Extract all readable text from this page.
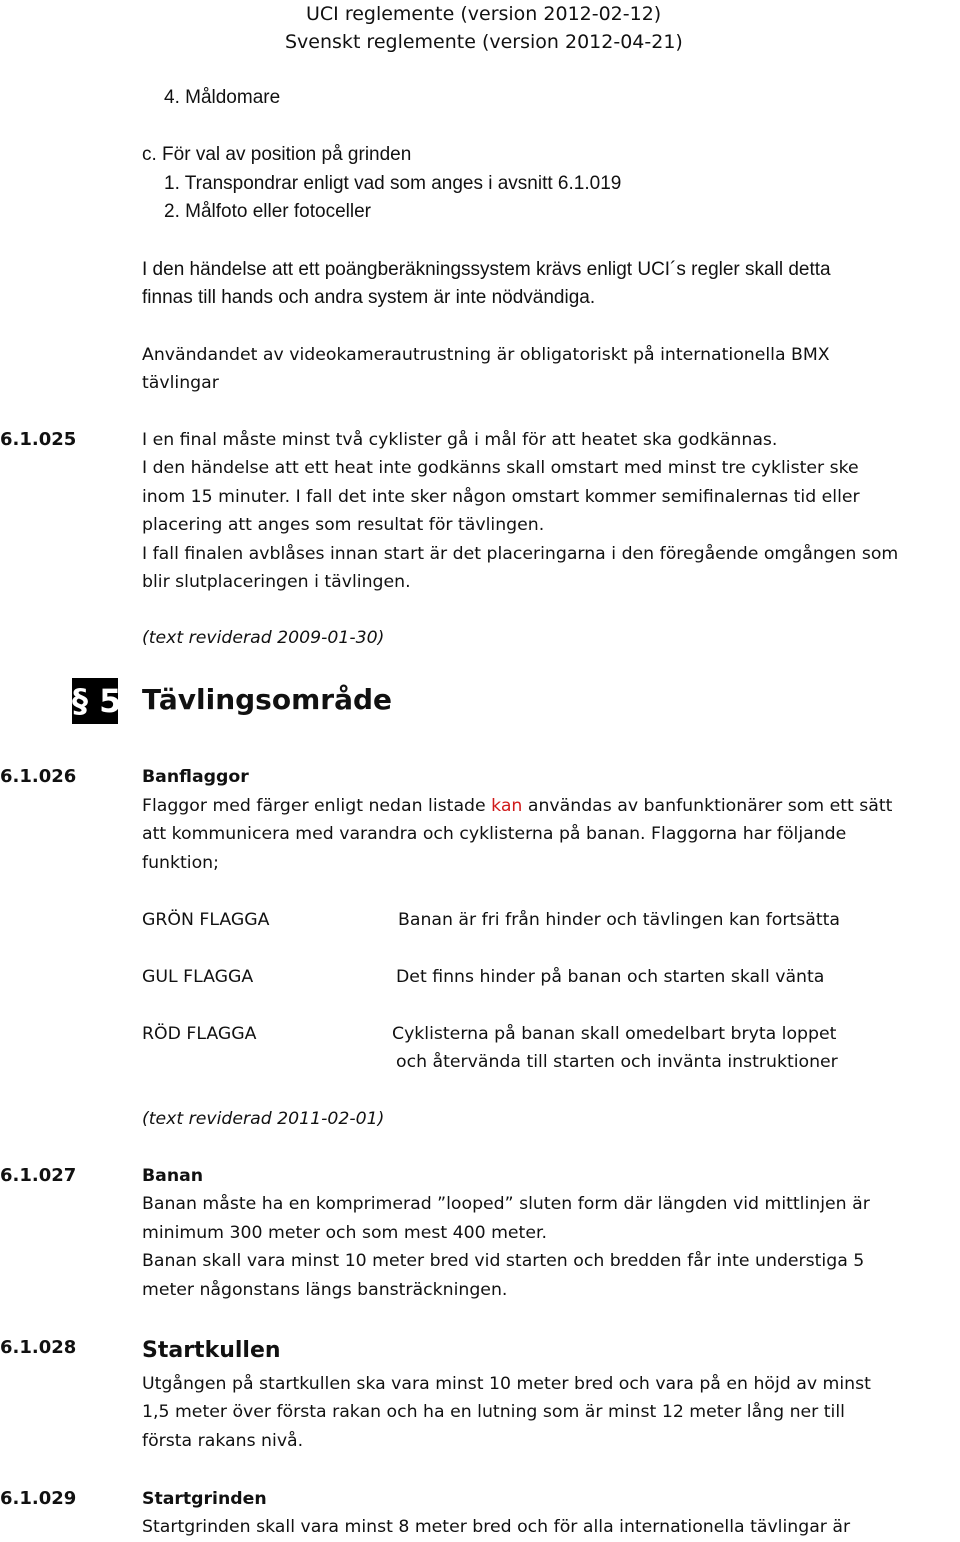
UCI reglemente (version 2012-02-12)
Svenskt reglemente (version 2012-04-21)
4. Måldomare
c. För val av position på grinden
1. Transpondrar enligt vad som anges i avsnitt 6.1.019
2. Målfoto eller fotoceller
I den händelse att ett poängberäkningssystem krävs enligt UCI´s regler skall detta
finnas till hands och andra system är inte nödvändiga.
Användandet av videokamerautrustning är obligatoriskt på internationella BMX
tävlingar
6.1.025	I en final måste minst två cyklister gå i mål för att heatet ska godkännas.
I den händelse att ett heat inte godkänns skall omstart med minst tre cyklister ske
inom 15 minuter. I fall det inte sker någon omstart kommer semifinalernas tid eller
placering att anges som resultat för tävlingen.
I fall finalen avblåses innan start är det placeringarna i den föregående omgången som
blir slutplaceringen i tävlingen.
(text reviderad 2009-01-30)
§ 5 Tävlingsområde
6.1.026	Banflaggor
Flaggor med färger enligt nedan listade kan användas av banfunktionärer som ett sätt
att kommunicera med varandra och cyklisterna på banan. Flaggorna har följande
funktion;
GRÖN FLAGGA	Banan är fri från hinder och tävlingen kan fortsätta
GUL FLAGGA	Det finns hinder på banan och starten skall vänta
RÖD FLAGGA	Cyklisterna på banan skall omedelbart bryta loppet
och återvända till starten och invänta instruktioner
(text reviderad 2011-02-01)
6.1.027	Banan
Banan måste ha en komprimerad ”looped” sluten form där längden vid mittlinjen är
minimum 300 meter och som mest 400 meter.
Banan skall vara minst 10 meter bred vid starten och bredden får inte understiga 5
meter någonstans längs bansträckningen.
6.1.028	Startkullen
Utgången på startkullen ska vara minst 10 meter bred och vara på en höjd av minst
1,5 meter över första rakan och ha en lutning som är minst 12 meter lång ner till
första rakans nivå.
6.1.029	Startgrinden
Startgrinden skall vara minst 8 meter bred och för alla internationella tävlingar är
